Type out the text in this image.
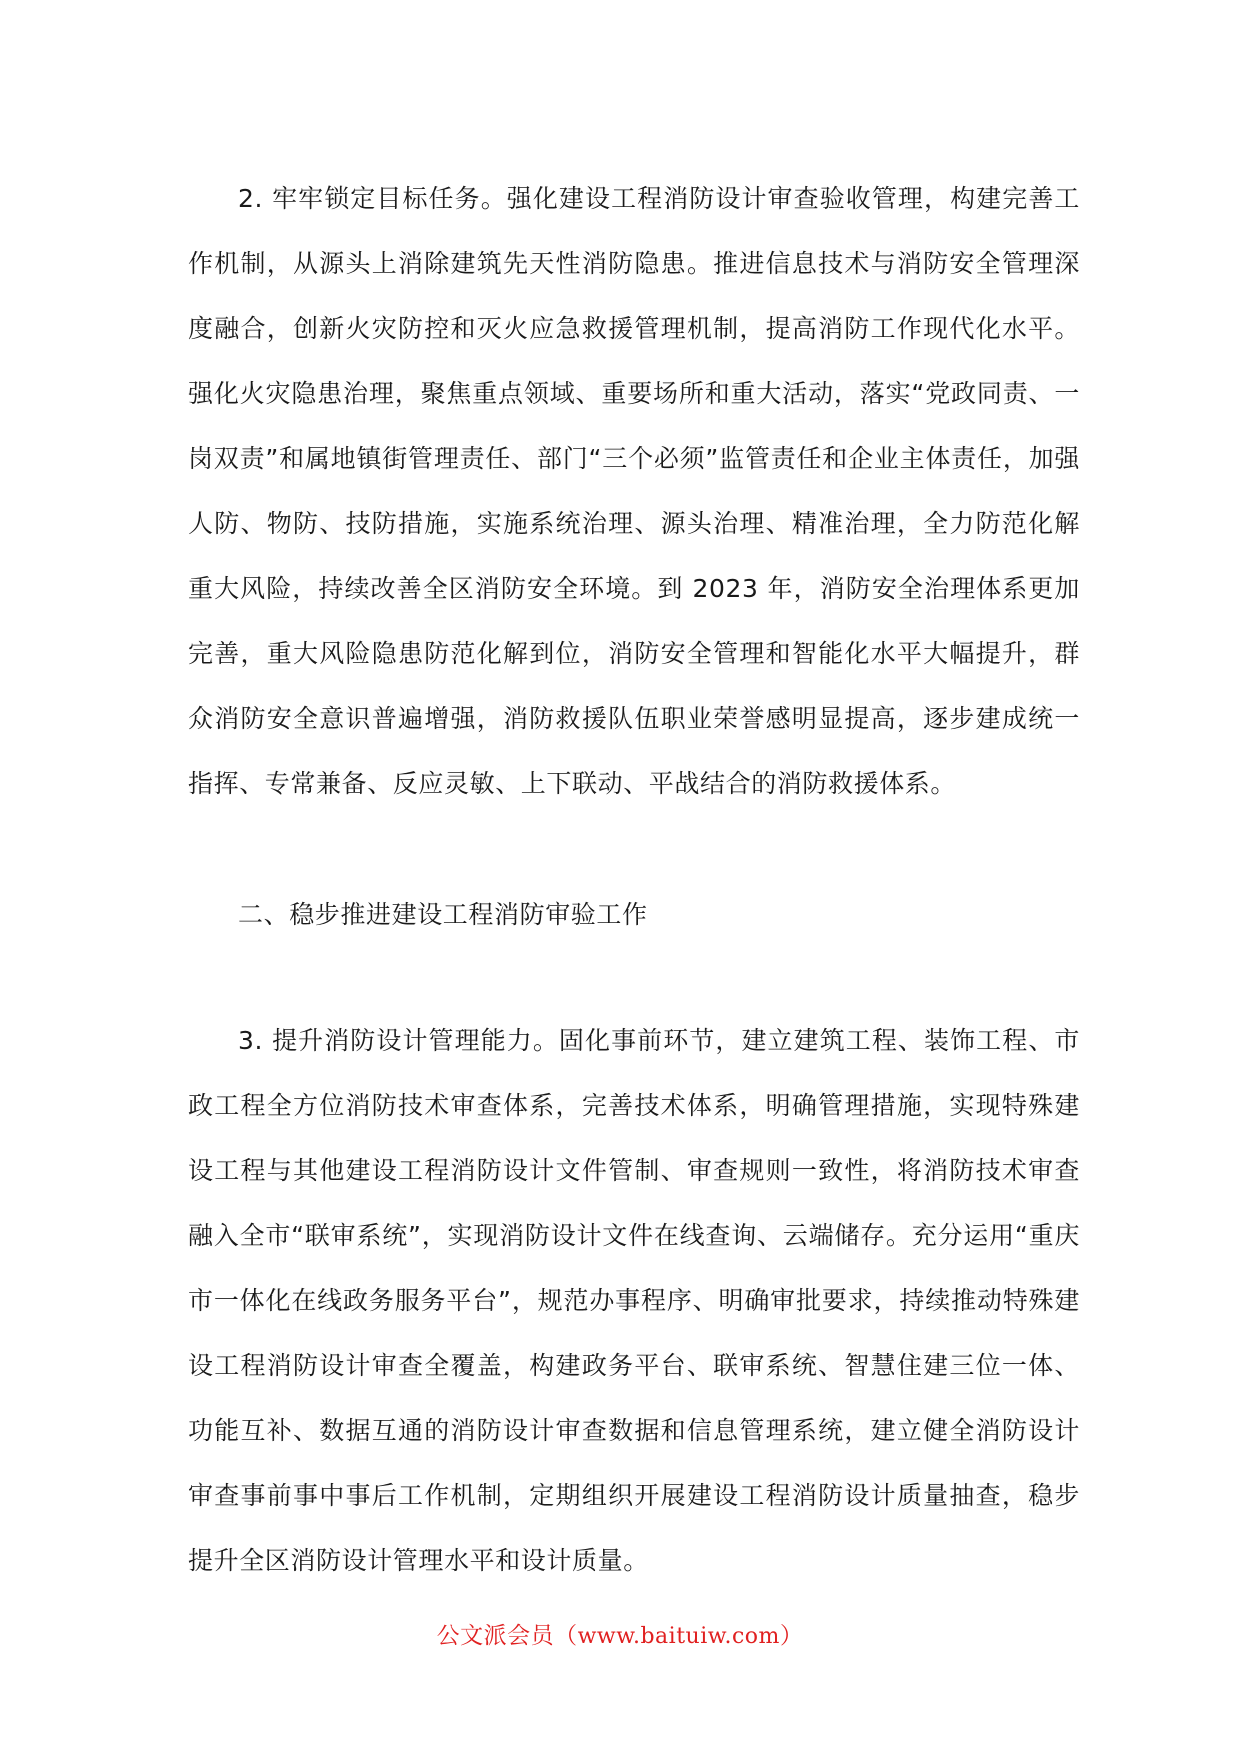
2. 牢牢锁定目标任务。强化建设工程消防设计审查验收管理，构建完善工作机制，从源头上消除建筑先天性消防隐患。推进信息技术与消防安全管理深度融合，创新火灾防控和灭火应急救援管理机制，提高消防工作现代化水平。强化火灾隐患治理，聚焦重点领域、重要场所和重大活动，落实“党政同责、一岗双责”和属地镇街管理责任、部门“三个必须”监管责任和企业主体责任，加强人防、物防、技防措施，实施系统治理、源头治理、精准治理，全力防范化解重大风险，持续改善全区消防安全环境。到 2023 年，消防安全治理体系更加完善，重大风险隐患防范化解到位，消防安全管理和智能化水平大幅提升，群众消防安全意识普遍增强，消防救援队伍职业荣誉感明显提高，逐步建成统一指挥、专常兼备、反应灵敏、上下联动、平战结合的消防救援体系。

二、稳步推进建设工程消防审验工作

3. 提升消防设计管理能力。固化事前环节，建立建筑工程、装饰工程、市政工程全方位消防技术审查体系，完善技术体系，明确管理措施，实现特殊建设工程与其他建设工程消防设计文件管制、审查规则一致性，将消防技术审查融入全市“联审系统”，实现消防设计文件在线查询、云端储存。充分运用“重庆市一体化在线政务服务平台”，规范办事程序、明确审批要求，持续推动特殊建设工程消防设计审查全覆盖，构建政务平台、联审系统、智慧住建三位一体、功能互补、数据互通的消防设计审查数据和信息管理系统，建立健全消防设计审查事前事中事后工作机制，定期组织开展建设工程消防设计质量抽查，稳步提升全区消防设计管理水平和设计质量。

公文派会员（www.baituiw.com）
